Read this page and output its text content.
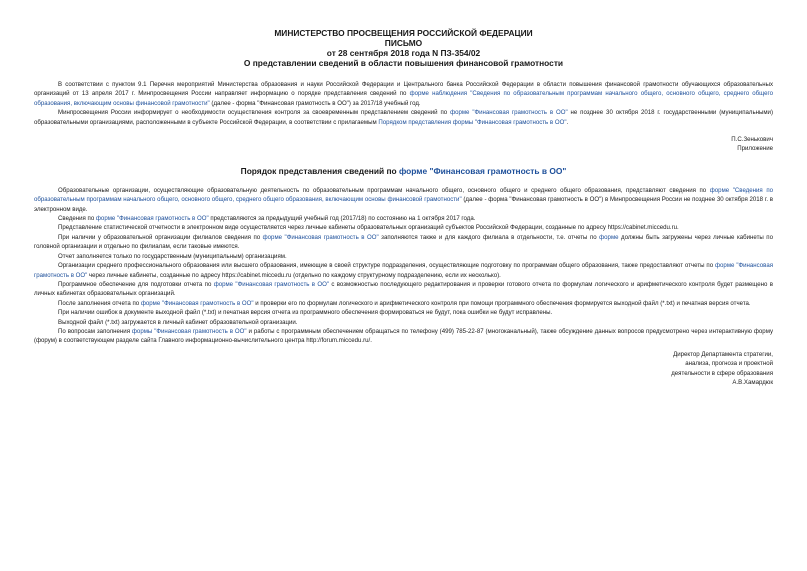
МИНИСТЕРСТВО ПРОСВЕЩЕНИЯ РОССИЙСКОЙ ФЕДЕРАЦИИ
ПИСЬМО
от 28 сентября 2018 года N ПЗ-354/02
О представлении сведений в области повышения финансовой грамотности

В соответствии с пунктом 9.1 Перечня мероприятий Министерства образования и науки Российской Федерации и Центрального банка Российской Федерации в области повышения финансовой грамотности обучающихся образовательных организаций от 13 апреля 2017 г. Минпросвещения России направляет информацию о порядке представления сведений по форме наблюдения "Сведения по образовательным программам начального общего, основного общего, среднего общего образования, включающим основы финансовой грамотности" (далее - форма "Финансовая грамотность в ОО") за 2017/18 учебный год.

Минпросвещения России информирует о необходимости осуществления контроля за своевременным представлением сведений по форме "Финансовая грамотность в ОО" не позднее 30 октября 2018 г. государственными (муниципальными) образовательными организациями, расположенными в субъекте Российской Федерации, в соответствии с прилагаемым Порядком представления формы "Финансовая грамотность в ОО".

П.С.Зенькович
Приложение
Порядок представления сведений по форме "Финансовая грамотность в ОО"

Образовательные организации, осуществляющие образовательную деятельность по образовательным программам начального общего, основного общего и среднего общего образования, представляют сведения по форме "Сведения по образовательным программам начального общего, основного общего, среднего общего образования, включающим основы финансовой грамотности" (далее - форма "Финансовая грамотность в ОО") в Минпросвещения России не позднее 30 октября 2018 г. в электронном виде.

Сведения по форме "Финансовая грамотность в ОО" представляются за предыдущий учебный год (2017/18) по состоянию на 1 октября 2017 года.

Представление статистической отчетности в электронном виде осуществляется через личные кабинеты образовательных организаций субъектов Российской Федерации, созданные по адресу https://cabinet.miccedu.ru.

При наличии у образовательной организации филиалов сведения по форме "Финансовая грамотность в ОО" заполняются также и для каждого филиала в отдельности, т.е. отчеты по форме должны быть загружены через личные кабинеты по головной организации и отдельно по филиалам, если таковые имеются.

Отчет заполняется только по государственным (муниципальным) организациям.

Организации среднего профессионального образования или высшего образования, имеющие в своей структуре подразделения, осуществляющие подготовку по программам общего образования, также предоставляют отчеты по форме "Финансовая грамотность в ОО" через личные кабинеты, созданные по адресу https://cabinet.miccedu.ru (отдельно по каждому структурному подразделению, если их несколько).

Программное обеспечение для подготовки отчета по форме "Финансовая грамотность в ОО" с возможностью последующего редактирования и проверки готового отчета по формулам логического и арифметического контроля будет размещено в личных кабинетах образовательных организаций.

После заполнения отчета по форме "Финансовая грамотность в ОО" и проверки его по формулам логического и арифметического контроля при помощи программного обеспечения формируется выходной файл (*.txt) и печатная версия отчета.

При наличии ошибок в документе выходной файл (*.txt) и печатная версия отчета из программного обеспечения формироваться не будут, пока ошибки не будут исправлены.

Выходной файл (*.txt) загружается в личный кабинет образовательной организации.

По вопросам заполнения формы "Финансовая грамотность в ОО" и работы с программным обеспечением обращаться по телефону (499) 785-22-87 (многоканальный), также обсуждение данных вопросов предусмотрено через интерактивную форму (форум) в соответствующем разделе сайта Главного информационно-вычислительного центра http://forum.miccedu.ru/.

Директор Департамента стратегии,
анализа, прогноза и проектной
деятельности в сфере образования
А.В.Хамардюк
